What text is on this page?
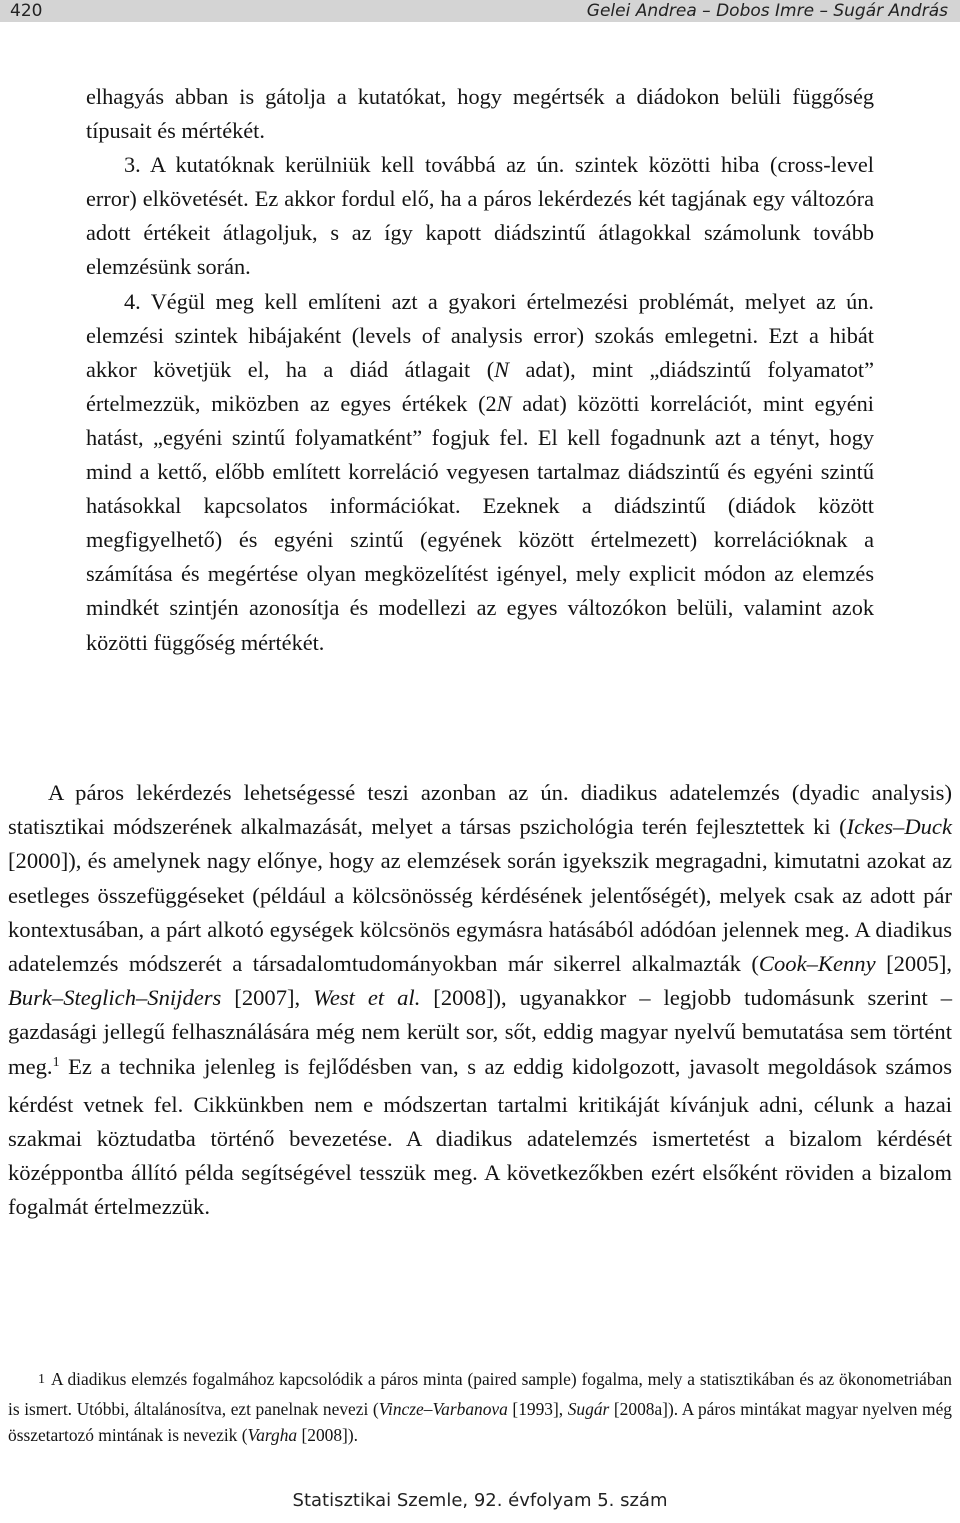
420	Gelei Andrea – Dobos Imre – Sugár András
elhagyás abban is gátolja a kutatókat, hogy megértsék a diádokon belüli függőség típusait és mértékét.
3. A kutatóknak kerülniük kell továbbá az ún. szintek közötti hiba (cross-level error) elkövetését. Ez akkor fordul elő, ha a páros lekérdezés két tagjának egy változóra adott értékeit átlagoljuk, s az így kapott diádszintű átlagokkal számolunk tovább elemzésünk során.
4. Végül meg kell említeni azt a gyakori értelmezési problémát, melyet az ún. elemzési szintek hibájaként (levels of analysis error) szokás emlegetni. Ezt a hibát akkor követjük el, ha a diád átlagait (N adat), mint „diádszintű folyamatot” értelmezzük, miközben az egyes értékek (2N adat) közötti korrelációt, mint egyéni hatást, „egyéni szintű folyamatként” fogjuk fel. El kell fogadnunk azt a tényt, hogy mind a kettő, előbb említett korreláció vegyesen tartalmaz diádszintű és egyéni szintű hatásokkal kapcsolatos információkat. Ezeknek a diádszintű (diádok között megfigyelhető) és egyéni szintű (egyének között értelmezett) korrelációknak a számítása és megértése olyan megközelítést igényel, mely explicit módon az elemzés mindkét szintjén azonosítja és modellezi az egyes változókon belüli, valamint azok közötti függőség mértékét.

A páros lekérdezés lehetségessé teszi azonban az ún. diadikus adatelemzés (dyadic analysis) statisztikai módszerének alkalmazását, melyet a társas pszichológia terén fejlesztettek ki (Ickes–Duck [2000]), és amelynek nagy előnye, hogy az elemzések során igyekszik megragadni, kimutatni azokat az esetleges összefüggéseket (például a kölcsönösség kérdésének jelentőségét), melyek csak az adott pár kontextusában, a párt alkotó egységek kölcsönös egymásra hatásából adódóan jelennek meg. A diadikus adatelemzés módszerét a társadalomtudományokban már sikerrel alkalmazták (Cook–Kenny [2005], Burk–Steglich–Snijders [2007], West et al. [2008]), ugyanakkor – legjobb tudomásunk szerint – gazdasági jellegű felhasználására még nem került sor, sőt, eddig magyar nyelvű bemutatása sem történt meg.$^1$ Ez a technika jelenleg is fejlődésben van, s az eddig kidolgozott, javasolt megoldások számos kérdést vetnek fel. Cikkünkben nem e módszertan tartalmi kritikáját kívánjuk adni, célunk a hazai szakmai köztudatba történő bevezetése. A diadikus adatelemzés ismertetést a bizalom kérdését középpontba állító példa segítségével tesszük meg. A következőkben ezért elsőként röviden a bizalom fogalmát értelmezzük.

1 A diadikus elemzés fogalmához kapcsolódik a páros minta (paired sample) fogalma, mely a statisztikában és az ökonometriában is ismert. Utóbbi, általánosítva, ezt panelnak nevezi (Vincze–Varbanova [1993], Sugár [2008a]). A páros mintákat magyar nyelven még összetartozó mintának is nevezik (Vargha [2008]).

Statisztikai Szemle, 92. évfolyam 5. szám
